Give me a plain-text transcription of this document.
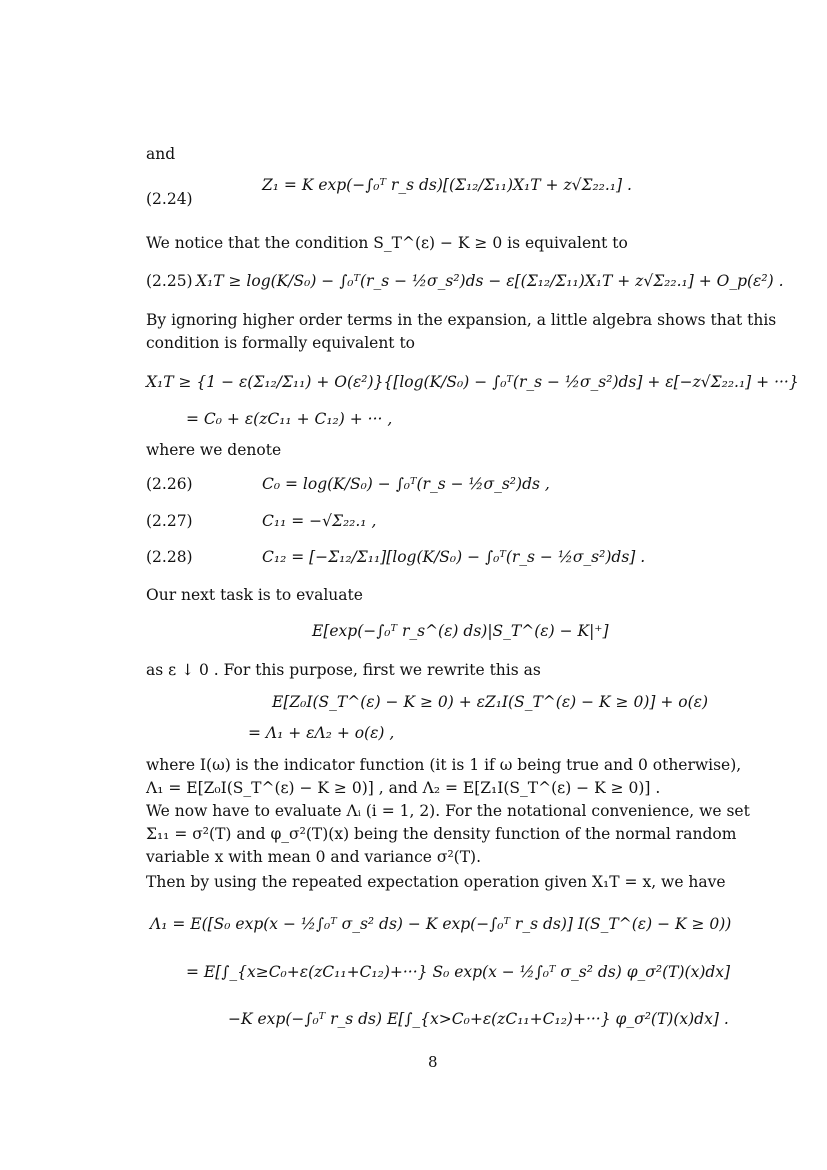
and
(2.24)
Z₁ = K exp(−∫₀ᵀ r_s ds)[(Σ₁₂/Σ₁₁)X₁T + z√Σ₂₂.₁] .
We notice that the condition S_T^(ε) − K ≥ 0 is equivalent to
(2.25) X₁T ≥ log(K/S₀) − ∫₀ᵀ(r_s − ½σ_s²)ds − ε[(Σ₁₂/Σ₁₁)X₁T + z√Σ₂₂.₁] + O_p(ε²) .
By ignoring higher order terms in the expansion, a little algebra shows that this
condition is formally equivalent to
X₁T ≥ {1 − ε(Σ₁₂/Σ₁₁) + O(ε²)}{[log(K/S₀) − ∫₀ᵀ(r_s − ½σ_s²)ds] + ε[−z√Σ₂₂.₁] + ···}
= C₀ + ε(zC₁₁ + C₁₂) + ··· ,
where we denote
(2.26)	C₀ = log(K/S₀) − ∫₀ᵀ(r_s − ½σ_s²)ds ,
(2.27)	C₁₁ = −√Σ₂₂.₁ ,
(2.28)	C₁₂ = [−Σ₁₂/Σ₁₁][log(K/S₀) − ∫₀ᵀ(r_s − ½σ_s²)ds] .
Our next task is to evaluate
E[exp(−∫₀ᵀ r_s^(ε) ds)|S_T^(ε) − K|⁺]
as ε ↓ 0 . For this purpose, first we rewrite this as
E[Z₀I(S_T^(ε) − K ≥ 0) + εZ₁I(S_T^(ε) − K ≥ 0)] + o(ε)
= Λ₁ + εΛ₂ + o(ε) ,
where I(ω) is the indicator function (it is 1 if ω being true and 0 otherwise),
Λ₁ = E[Z₀I(S_T^(ε) − K ≥ 0)] , and Λ₂ = E[Z₁I(S_T^(ε) − K ≥ 0)] .
We now have to evaluate Λᵢ (i = 1, 2). For the notational convenience, we set
Σ₁₁ = σ²(T) and φ_σ²(T)(x) being the density function of the normal random
variable x with mean 0 and variance σ²(T).
Then by using the repeated expectation operation given X₁T = x, we have
Λ₁ = E([S₀ exp(x − ½∫₀ᵀ σ_s² ds) − K exp(−∫₀ᵀ r_s ds)] I(S_T^(ε) − K ≥ 0))
= E[∫_{x≥C₀+ε(zC₁₁+C₁₂)+···} S₀ exp(x − ½∫₀ᵀ σ_s² ds) φ_σ²(T)(x)dx]
−K exp(−∫₀ᵀ r_s ds) E[∫_{x>C₀+ε(zC₁₁+C₁₂)+···} φ_σ²(T)(x)dx] .
8
